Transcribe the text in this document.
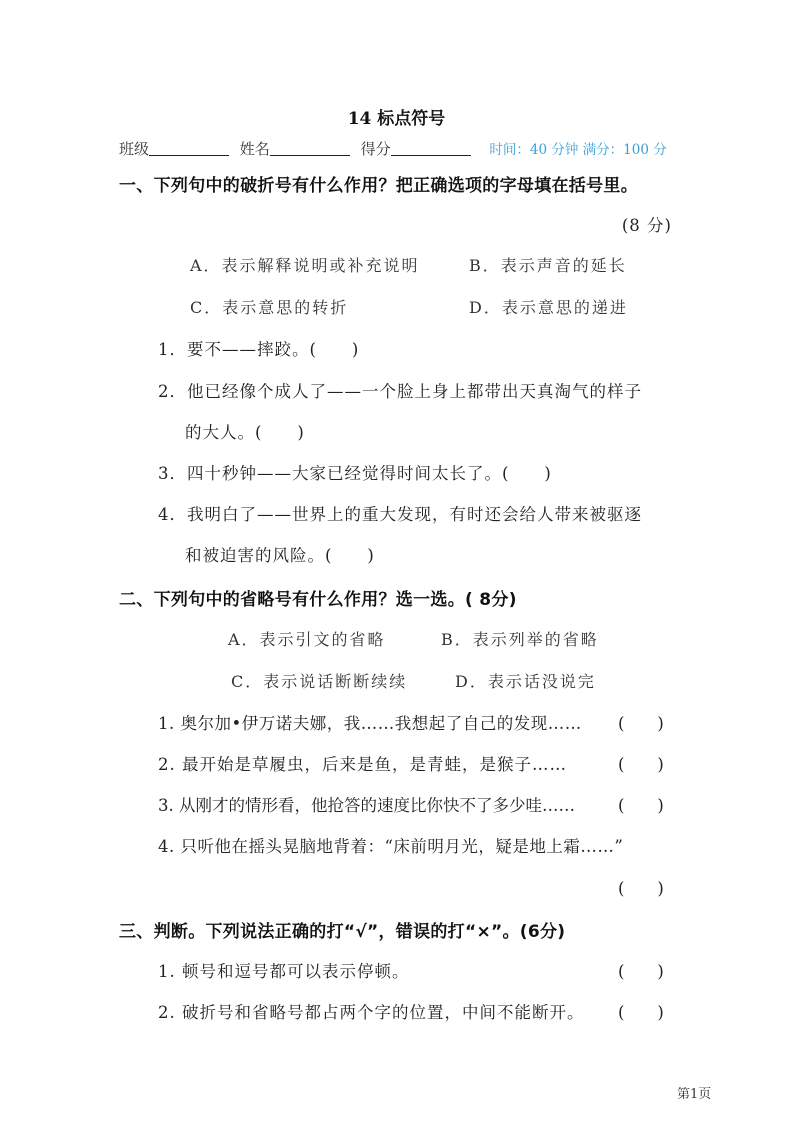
14 标点符号
班级	姓名	得分	时间：40 分钟 满分：100 分
一、下列句中的破折号有什么作用？把正确选项的字母填在括号里。
(8 分)
A．表示解释说明或补充说明	B．表示声音的延长
C．表示意思的转折	D．表示意思的递进
1．要不——摔跤。(　　)
2．他已经像个成人了——一个脸上身上都带出天真淘气的样子
的大人。(　　)
3．四十秒钟——大家已经觉得时间太长了。(　　)
4．我明白了——世界上的重大发现，有时还会给人带来被驱逐
和被迫害的风险。(　　)
二、下列句中的省略号有什么作用？选一选。( 8分)
A．表示引文的省略	B．表示列举的省略
C．表示说话断断续续	D．表示话没说完
1. 奥尔加•伊万诺夫娜，我……我想起了自己的发现…… (　　)
2. 最开始是草履虫，后来是鱼，是青蛙，是猴子……	(　　)
3. 从刚才的情形看，他抢答的速度比你快不了多少哇……	(　　)
4. 只听他在摇头晃脑地背着：“床前明月光，疑是地上霜……”
(　　)
三、判断。下列说法正确的打“√”，错误的打“×”。(6分)
1. 顿号和逗号都可以表示停顿。	(　　)
2. 破折号和省略号都占两个字的位置，中间不能断开。 (　　)
第1页
